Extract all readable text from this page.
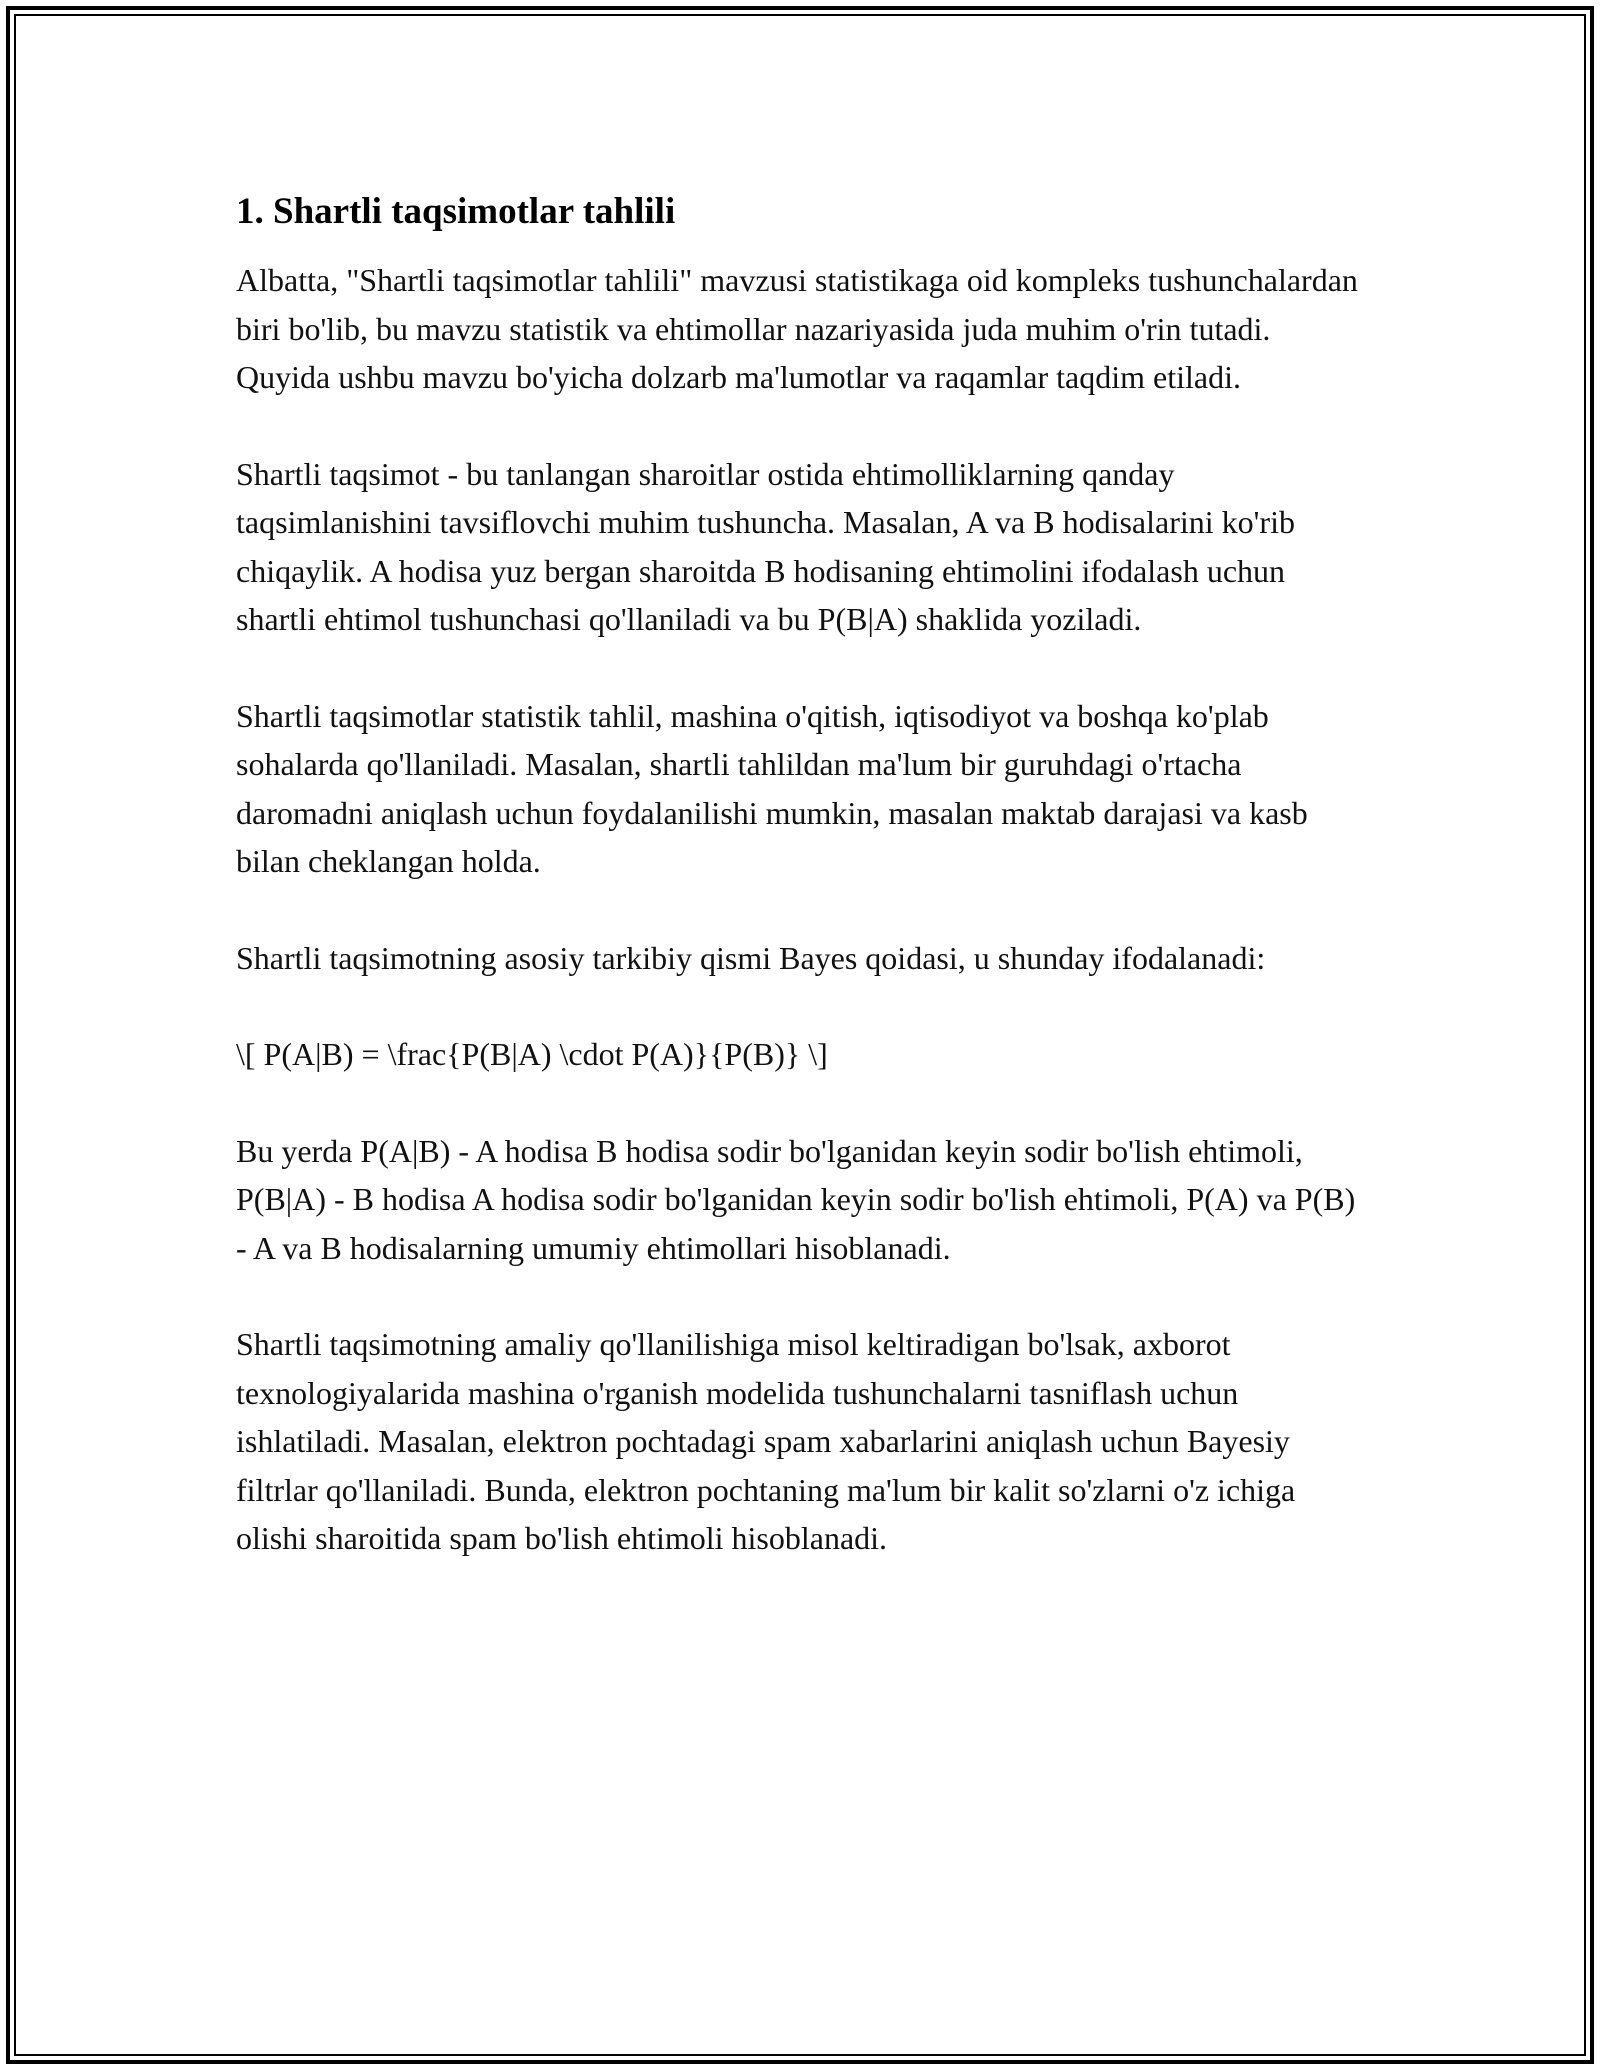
1. Shartli taqsimotlar tahlili

Albatta, "Shartli taqsimotlar tahlili" mavzusi statistikaga oid kompleks tushunchalardan biri bo'lib, bu mavzu statistik va ehtimollar nazariyasida juda muhim o'rin tutadi. Quyida ushbu mavzu bo'yicha dolzarb ma'lumotlar va raqamlar taqdim etiladi.

Shartli taqsimot - bu tanlangan sharoitlar ostida ehtimolliklarning qanday taqsimlanishini tavsiflovchi muhim tushuncha. Masalan, A va B hodisalarini ko'rib chiqaylik. A hodisa yuz bergan sharoitda B hodisaning ehtimolini ifodalash uchun shartli ehtimol tushunchasi qo'llaniladi va bu P(B|A) shaklida yoziladi.

Shartli taqsimotlar statistik tahlil, mashina o'qitish, iqtisodiyot va boshqa ko'plab sohalarda qo'llaniladi. Masalan, shartli tahlildan ma'lum bir guruhdagi o'rtacha daromadni aniqlash uchun foydalanilishi mumkin, masalan maktab darajasi va kasb bilan cheklangan holda.

Shartli taqsimotning asosiy tarkibiy qismi Bayes qoidasi, u shunday ifodalanadi:

\[ P(A|B) = \frac{P(B|A) \cdot P(A)}{P(B)} \]

Bu yerda P(A|B) - A hodisa B hodisa sodir bo'lganidan keyin sodir bo'lish ehtimoli, P(B|A) - B hodisa A hodisa sodir bo'lganidan keyin sodir bo'lish ehtimoli, P(A) va P(B) - A va B hodisalarning umumiy ehtimollari hisoblanadi.

Shartli taqsimotning amaliy qo'llanilishiga misol keltiradigan bo'lsak, axborot texnologiyalarida mashina o'rganish modelida tushunchalarni tasniflash uchun ishlatiladi. Masalan, elektron pochtadagi spam xabarlarini aniqlash uchun Bayesiy filtrlar qo'llaniladi. Bunda, elektron pochtaning ma'lum bir kalit so'zlarni o'z ichiga olishi sharoitida spam bo'lish ehtimoli hisoblanadi.
